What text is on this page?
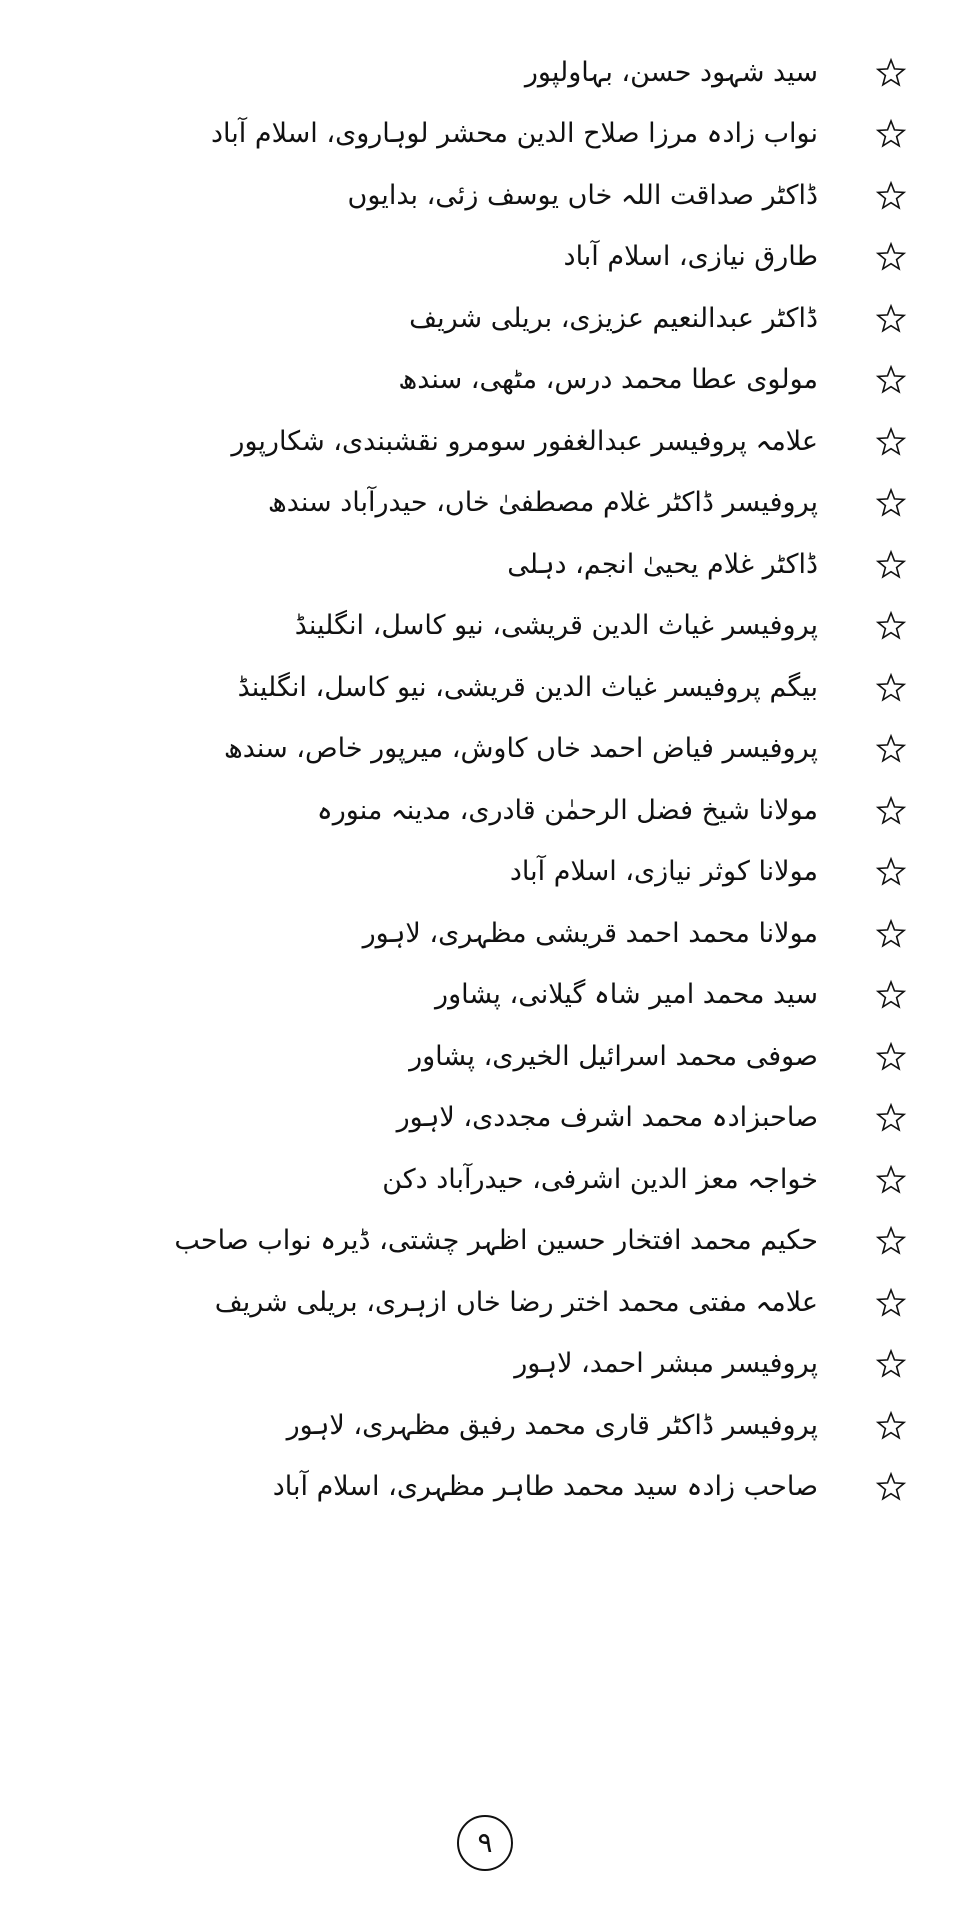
سید شہود حسن، بہاولپور
نواب زادہ مرزا صلاح الدین محشر لوہاروی، اسلام آباد
ڈاکٹر صداقت اللہ خاں یوسف زئی، بدایوں
طارق نیازی، اسلام آباد
ڈاکٹر عبدالنعیم عزیزی، بریلی شریف
مولوی عطا محمد درس، مٹھی، سندھ
علامہ پروفیسر عبدالغفور سومرو نقشبندی، شکارپور
پروفیسر ڈاکٹر غلام مصطفیٰ خاں، حیدرآباد سندھ
ڈاکٹر غلام یحییٰ انجم، دہلی
پروفیسر غیاث الدین قریشی، نیو کاسل، انگلینڈ
بیگم پروفیسر غیاث الدین قریشی، نیو کاسل، انگلینڈ
پروفیسر فیاض احمد خاں کاوش، میرپور خاص، سندھ
مولانا شیخ فضل الرحمٰن قادری، مدینہ منورہ
مولانا کوثر نیازی، اسلام آباد
مولانا محمد احمد قریشی مظہری، لاہور
سید محمد امیر شاہ گیلانی، پشاور
صوفی محمد اسرائیل الخیری، پشاور
صاحبزادہ محمد اشرف مجددی، لاہور
خواجہ معز الدین اشرفی، حیدرآباد دکن
حکیم محمد افتخار حسین اظہر چشتی، ڈیرہ نواب صاحب
علامہ مفتی محمد اختر رضا خاں ازہری، بریلی شریف
پروفیسر مبشر احمد، لاہور
پروفیسر ڈاکٹر قاری محمد رفیق مظہری، لاہور
صاحب زادہ سید محمد طاہر مظہری، اسلام آباد
۹
